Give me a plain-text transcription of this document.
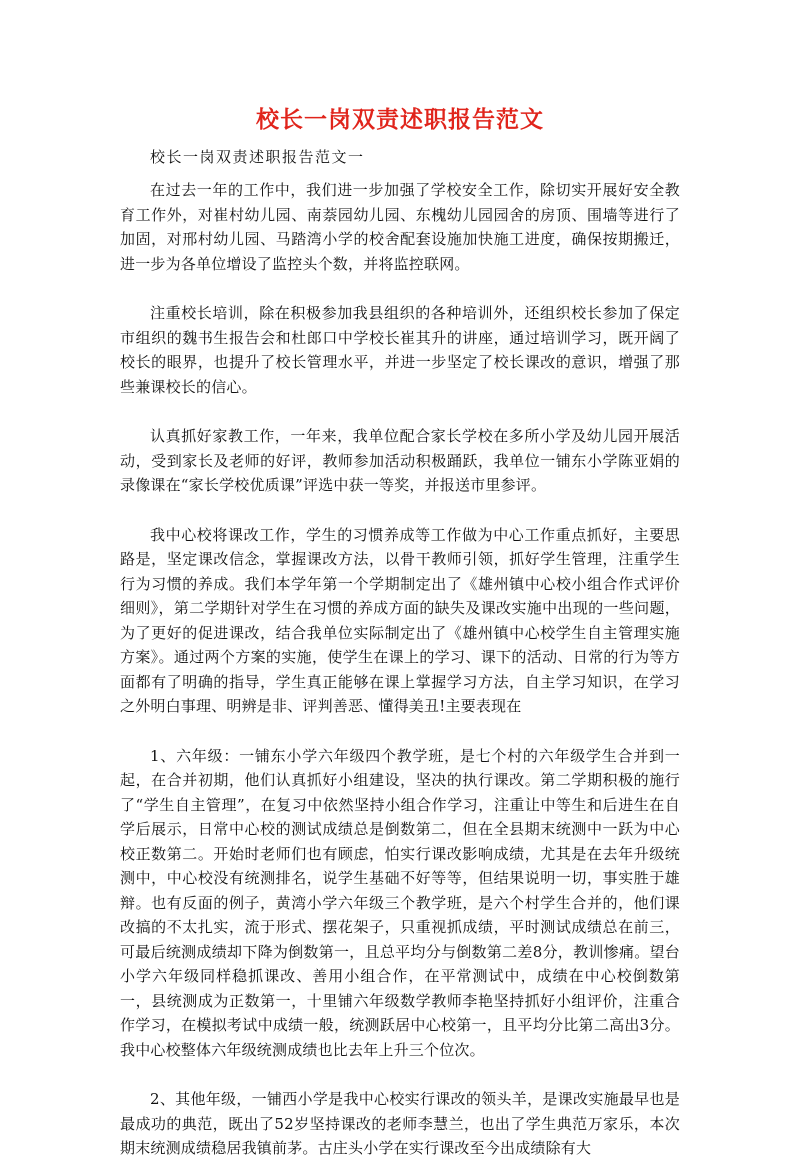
校长一岗双责述职报告范文
校长一岗双责述职报告范文一

在过去一年的工作中，我们进一步加强了学校安全工作，除切实开展好安全教育工作外，对崔村幼儿园、南萘园幼儿园、东槐幼儿园园舍的房顶、围墙等进行了加固，对邢村幼儿园、马踏湾小学的校舍配套设施加快施工进度，确保按期搬迁，进一步为各单位增设了监控头个数，并将监控联网。

注重校长培训，除在积极参加我县组织的各种培训外，还组织校长参加了保定市组织的魏书生报告会和杜郎口中学校长崔其升的讲座，通过培训学习，既开阔了校长的眼界，也提升了校长管理水平，并进一步坚定了校长课改的意识，增强了那些兼课校长的信心。

认真抓好家教工作，一年来，我单位配合家长学校在多所小学及幼儿园开展活动，受到家长及老师的好评，教师参加活动积极踊跃，我单位一铺东小学陈亚娟的录像课在“家长学校优质课”评选中获一等奖，并报送市里参评。

我中心校将课改工作，学生的习惯养成等工作做为中心工作重点抓好，主要思路是，坚定课改信念，掌握课改方法，以骨干教师引领，抓好学生管理，注重学生行为习惯的养成。我们本学年第一个学期制定出了《雄州镇中心校小组合作式评价细则》，第二学期针对学生在习惯的养成方面的缺失及课改实施中出现的一些问题，为了更好的促进课改，结合我单位实际制定出了《雄州镇中心校学生自主管理实施方案》。通过两个方案的实施，使学生在课上的学习、课下的活动、日常的行为等方面都有了明确的指导，学生真正能够在课上掌握学习方法，自主学习知识，在学习之外明白事理、明辨是非、评判善恶、懂得美丑!主要表现在

1、六年级：一铺东小学六年级四个教学班，是七个村的六年级学生合并到一起，在合并初期，他们认真抓好小组建设，坚决的执行课改。第二学期积极的施行了“学生自主管理”，在复习中依然坚持小组合作学习，注重让中等生和后进生在自学后展示，日常中心校的测试成绩总是倒数第二，但在全县期末统测中一跃为中心校正数第二。开始时老师们也有顾虑，怕实行课改影响成绩，尤其是在去年升级统测中，中心校没有统测排名，说学生基础不好等等，但结果说明一切，事实胜于雄辩。也有反面的例子，黄湾小学六年级三个教学班，是六个村学生合并的，他们课改搞的不太扎实，流于形式、摆花架子，只重视抓成绩，平时测试成绩总在前三，可最后统测成绩却下降为倒数第一，且总平均分与倒数第二差8分，教训惨痛。望台小学六年级同样稳抓课改、善用小组合作，在平常测试中，成绩在中心校倒数第一，县统测成为正数第一，十里铺六年级数学教师李艳坚持抓好小组评价，注重合作学习，在模拟考试中成绩一般，统测跃居中心校第一，且平均分比第二高出3分。我中心校整体六年级统测成绩也比去年上升三个位次。

2、其他年级，一铺西小学是我中心校实行课改的领头羊，是课改实施最早也是最成功的典范，既出了52岁坚持课改的老师李慧兰，也出了学生典范万家乐，本次期末统测成绩稳居我镇前茅。古庄头小学在实行课改至今出成绩除有大
